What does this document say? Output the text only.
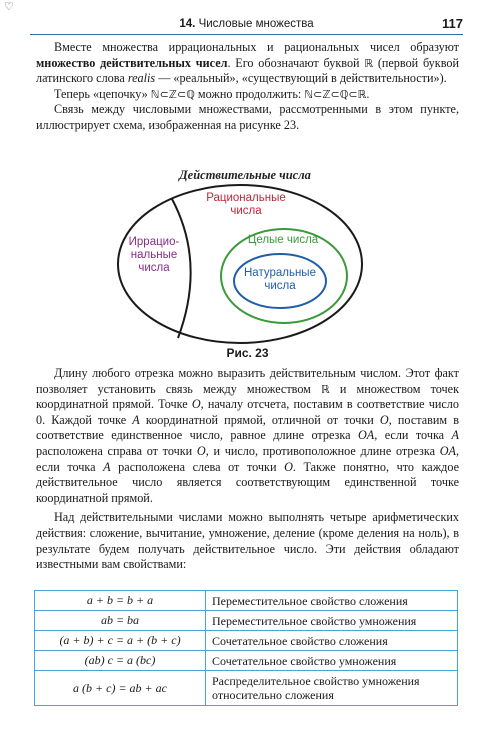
♡
14. Числовые множества	117

Вместе множества иррациональных и рациональных чисел образуют множество действительных чисел. Его обозначают буквой ℝ (первой буквой латинского слова realis — «реальный», «существующий в действительности»).

Теперь «цепочку» ℕ⊂ℤ⊂ℚ можно продолжить: ℕ⊂ℤ⊂ℚ⊂ℝ.

Связь между числовыми множествами, рассмотренными в этом пункте, иллюстрирует схема, изображенная на рисунке 23.

Действительные числа
Рациональные числа
Иррацио-нальные числа
Целые числа
Натуральные числа
Рис. 23

Длину любого отрезка можно выразить действительным числом. Этот факт позволяет установить связь между множеством ℝ и множеством точек координатной прямой. Точке O, началу отсчета, поставим в соответствие число 0. Каждой точке A координатной прямой, отличной от точки O, поставим в соответствие единственное число, равное длине отрезка OA, если точка A расположена справа от точки O, и число, противоположное длине отрезка OA, если точка A расположена слева от точки O. Также понятно, что каждое действительное число является соответствующим единственной точке координатной прямой.

Над действительными числами можно выполнять четыре арифметических действия: сложение, вычитание, умножение, деление (кроме деления на ноль), в результате будем получать действительное число. Эти действия обладают известными вам свойствами:

a + b = b + a	Переместительное свойство сложения
ab = ba	Переместительное свойство умножения
(a + b) + c = a + (b + c)	Сочетательное свойство сложения
(ab) c = a (bc)	Сочетательное свойство умножения
a (b + c) = ab + ac	Распределительное свойство умножения относительно сложения
